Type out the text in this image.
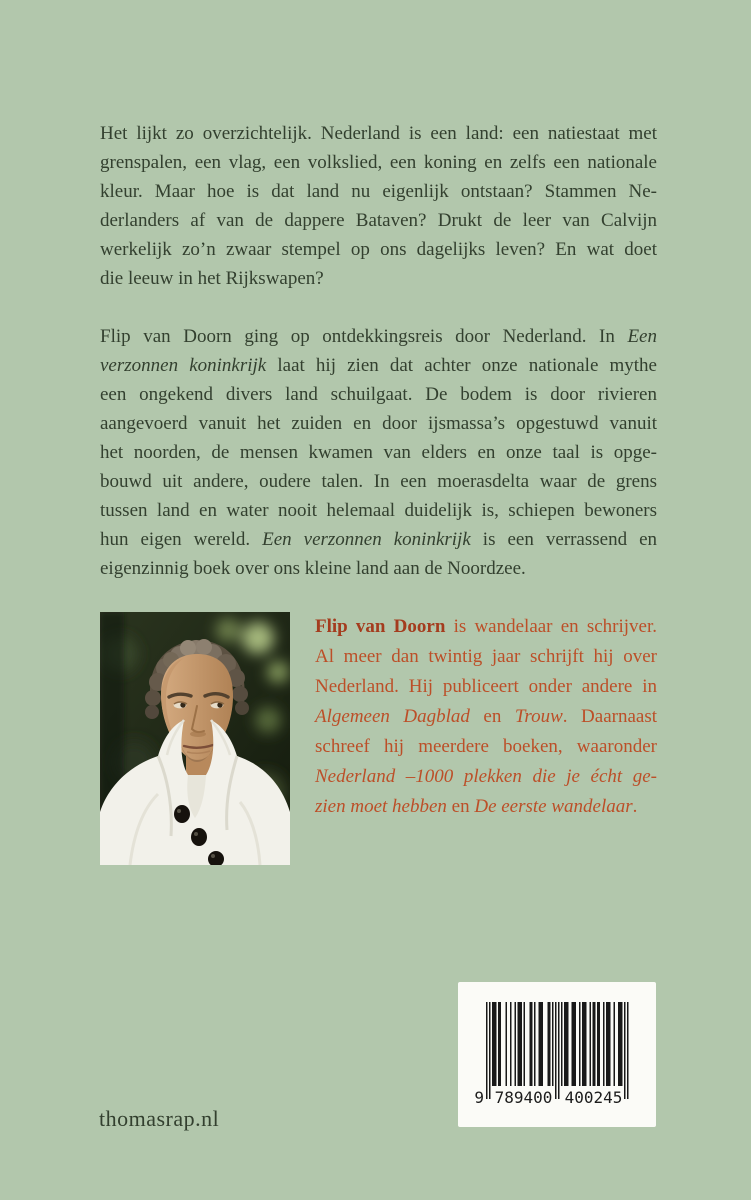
Het lijkt zo overzichtelijk. Nederland is een land: een natiestaat met
grenspalen, een vlag, een volkslied, een koning en zelfs een nationale
kleur. Maar hoe is dat land nu eigenlijk ontstaan? Stammen Ne-
derlanders af van de dappere Bataven? Drukt de leer van Calvijn
werkelijk zo’n zwaar stempel op ons dagelijks leven? En wat doet
die leeuw in het Rijkswapen?
Flip van Doorn ging op ontdekkingsreis door Nederland. In Een
verzonnen koninkrijk laat hij zien dat achter onze nationale mythe
een ongekend divers land schuilgaat. De bodem is door rivieren
aangevoerd vanuit het zuiden en door ijsmassa’s opgestuwd vanuit
het noorden, de mensen kwamen van elders en onze taal is opge-
bouwd uit andere, oudere talen. In een moerasdelta waar de grens
tussen land en water nooit helemaal duidelijk is, schiepen bewoners
hun eigen wereld. Een verzonnen koninkrijk is een verrassend en
eigenzinnig boek over ons kleine land aan de Noordzee.
Flip van Doorn is wandelaar en schrijver.
Al meer dan twintig jaar schrijft hij over
Nederland. Hij publiceert onder andere in
Algemeen Dagblad en Trouw. Daarnaast
schreef hij meerdere boeken, waaronder
Nederland –1000 plekken die je écht ge-
zien moet hebben en De eerste wandelaar.
9 789400 400245
thomasrap.nl
